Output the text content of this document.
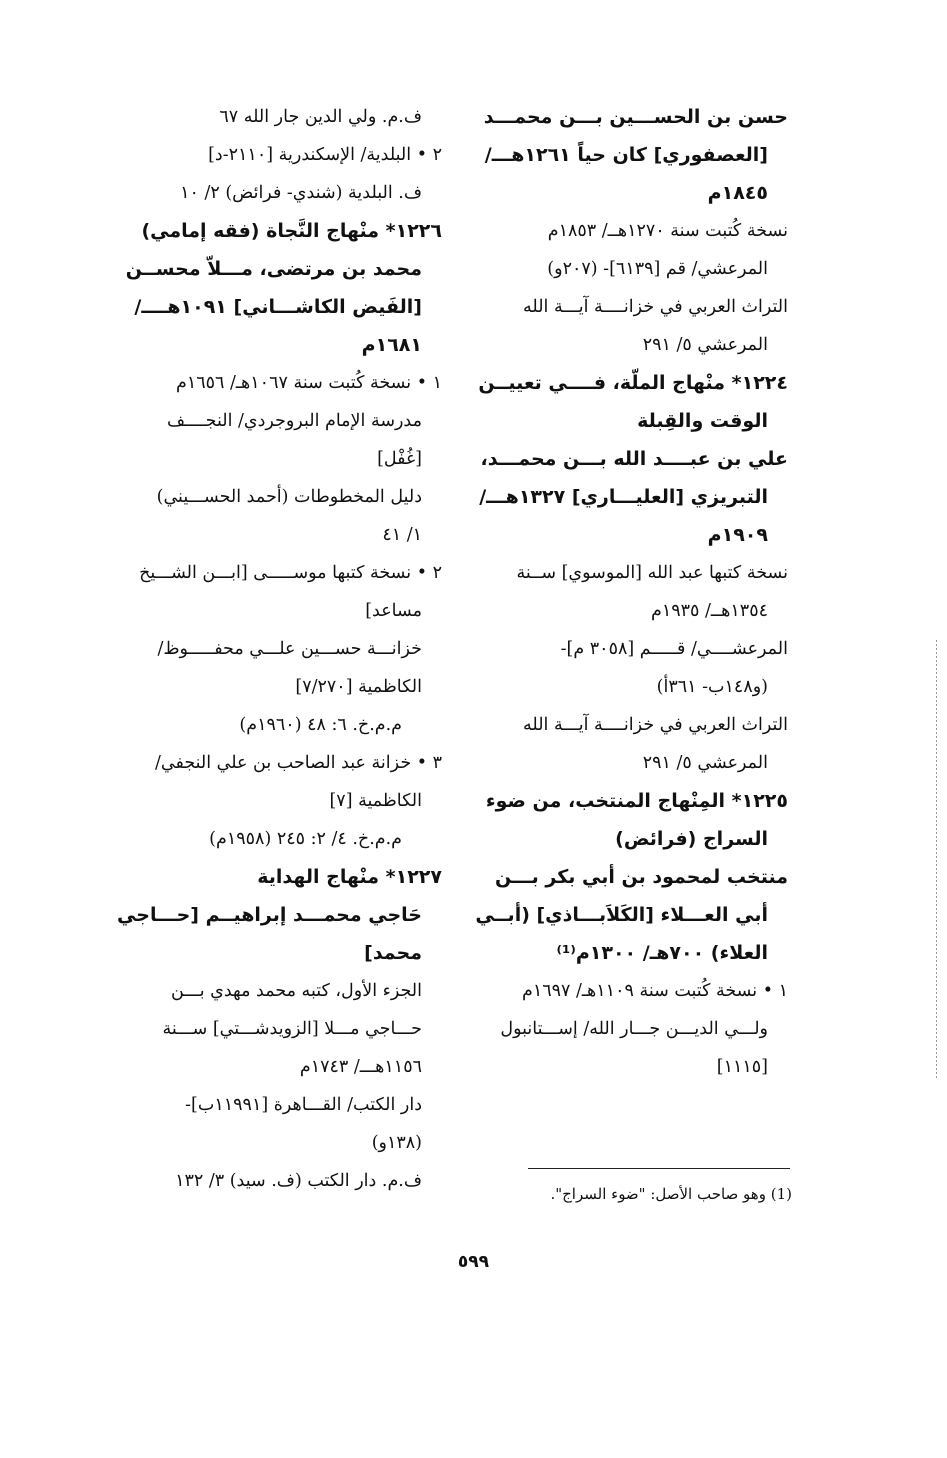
حسن بن الحســـين بـــن محمـــد
[العصفوري] كان حياً ١٢٦١هـــ/
١٨٤٥م
نسخة كُتبت سنة ١٢٧٠هــ/ ١٨٥٣م
المرعشي/ قم [٦١٣٩]- (٢٠٧و)
التراث العربي في خزانــــة آيـــة الله
المرعشي ٥/ ٢٩١
١٢٢٤* منْهاج الملّة، فــــي تعييــن
الوقت والقِبلة
علي بن عبــــد الله بـــن محمـــد،
التبريزي [العليـــاري] ١٣٢٧هـــ/
١٩٠٩م
نسخة كتبها عبد الله [الموسوي] ســنة
١٣٥٤هــ/ ١٩٣٥م
المرعشــــي/ قـــــم [٣٠٥٨ م]-
(و١٤٨ب- ٣٦١أ)
التراث العربي في خزانــــة آيـــة الله
المرعشي ٥/ ٢٩١
١٢٢٥* المِنْهاج المنتخب، من ضوء
السراج (فرائض)
منتخب لمحمود بن أبي بكر بـــن
أبي العـــلاء [الكَلاَبـــاذي] (أبــي
العلاء) ٧٠٠هـ/ ١٣٠٠م⁽¹⁾
١ • نسخة كُتبت سنة ١١٠٩هـ/ ١٦٩٧م
ولـــي الديـــن جـــار الله/ إســـتانبول
[١١١٥]
ف.م. ولي الدين جار الله ٦٧
٢ • البلدية/ الإسكندرية [٢١١٠-د]
ف. البلدية (شندي- فرائض) ٢/ ١٠
١٢٢٦* منْهاج النَّجاة (فقه إمامي)
محمد بن مرتضى، مـــلاّ محســن
[الفَيض الكاشـــاني] ١٠٩١هــــ/
١٦٨١م
١ • نسخة كُتبت سنة ١٠٦٧هـ/ ١٦٥٦م
مدرسة الإمام البروجردي/ النجــــف
[غُفْل]
دليل المخطوطات (أحمد الحســـيني)
١/ ٤١
٢ • نسخة كتبها موســـــى [ابـــن الشـــيخ
مساعد]
خزانـــة حســـين علـــي محفـــــوظ/
الكاظمية [٧/٢٧٠]
م.م.خ. ٦: ٤٨ (١٩٦٠م)
٣ • خزانة عبد الصاحب بن علي النجفي/
الكاظمية [٧]
م.م.خ. ٤/ ٢: ٢٤٥ (١٩٥٨م)
١٢٢٧* منْهاج الهداية
حَاجي محمـــد إبراهيــم [حـــاجي
محمد]
الجزء الأول، كتبه محمد مهدي بـــن
حـــاجي مـــلا [الزويدشـــتي] ســـنة
١١٥٦هـــ/ ١٧٤٣م
دار الكتب/ القـــاهرة [١١٩٩١ب]-
(١٣٨و)
ف.م. دار الكتب (ف. سيد) ٣/ ١٣٢
(1) وهو صاحب الأصل: "ضوء السراج".
٥٩٩
